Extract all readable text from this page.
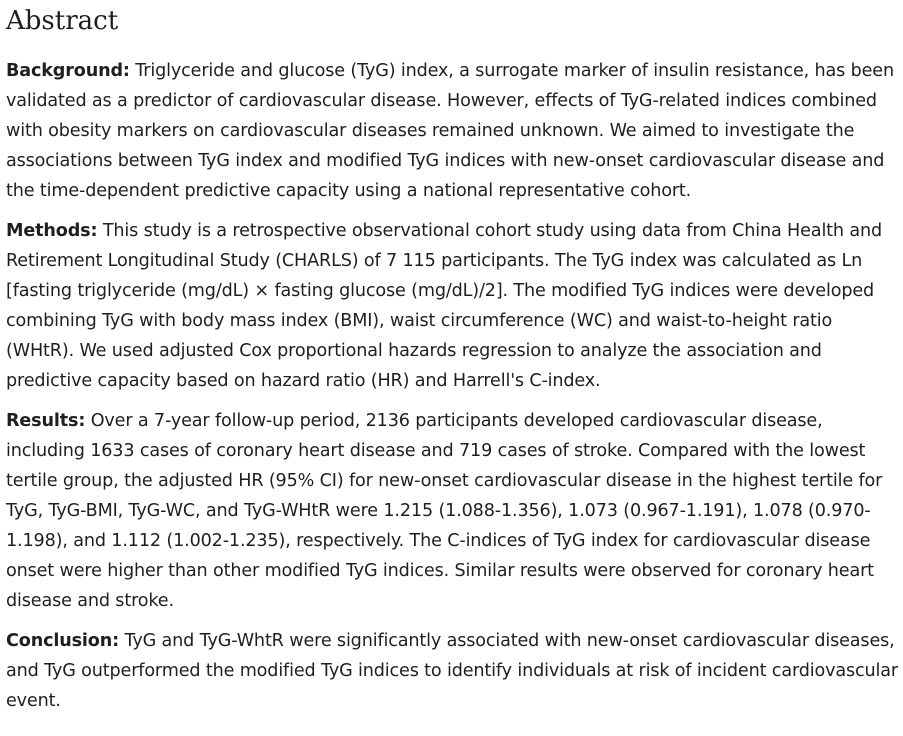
Abstract

Background: Triglyceride and glucose (TyG) index, a surrogate marker of insulin resistance, has been validated as a predictor of cardiovascular disease. However, effects of TyG-related indices combined with obesity markers on cardiovascular diseases remained unknown. We aimed to investigate the associations between TyG index and modified TyG indices with new-onset cardiovascular disease and the time-dependent predictive capacity using a national representative cohort.

Methods: This study is a retrospective observational cohort study using data from China Health and Retirement Longitudinal Study (CHARLS) of 7 115 participants. The TyG index was calculated as Ln [fasting triglyceride (mg/dL) × fasting glucose (mg/dL)/2]. The modified TyG indices were developed combining TyG with body mass index (BMI), waist circumference (WC) and waist-to-height ratio (WHtR). We used adjusted Cox proportional hazards regression to analyze the association and predictive capacity based on hazard ratio (HR) and Harrell's C-index.

Results: Over a 7-year follow-up period, 2136 participants developed cardiovascular disease, including 1633 cases of coronary heart disease and 719 cases of stroke. Compared with the lowest tertile group, the adjusted HR (95% CI) for new-onset cardiovascular disease in the highest tertile for TyG, TyG-BMI, TyG-WC, and TyG-WHtR were 1.215 (1.088-1.356), 1.073 (0.967-1.191), 1.078 (0.970-1.198), and 1.112 (1.002-1.235), respectively. The C-indices of TyG index for cardiovascular disease onset were higher than other modified TyG indices. Similar results were observed for coronary heart disease and stroke.

Conclusion: TyG and TyG-WhtR were significantly associated with new-onset cardiovascular diseases, and TyG outperformed the modified TyG indices to identify individuals at risk of incident cardiovascular event.
